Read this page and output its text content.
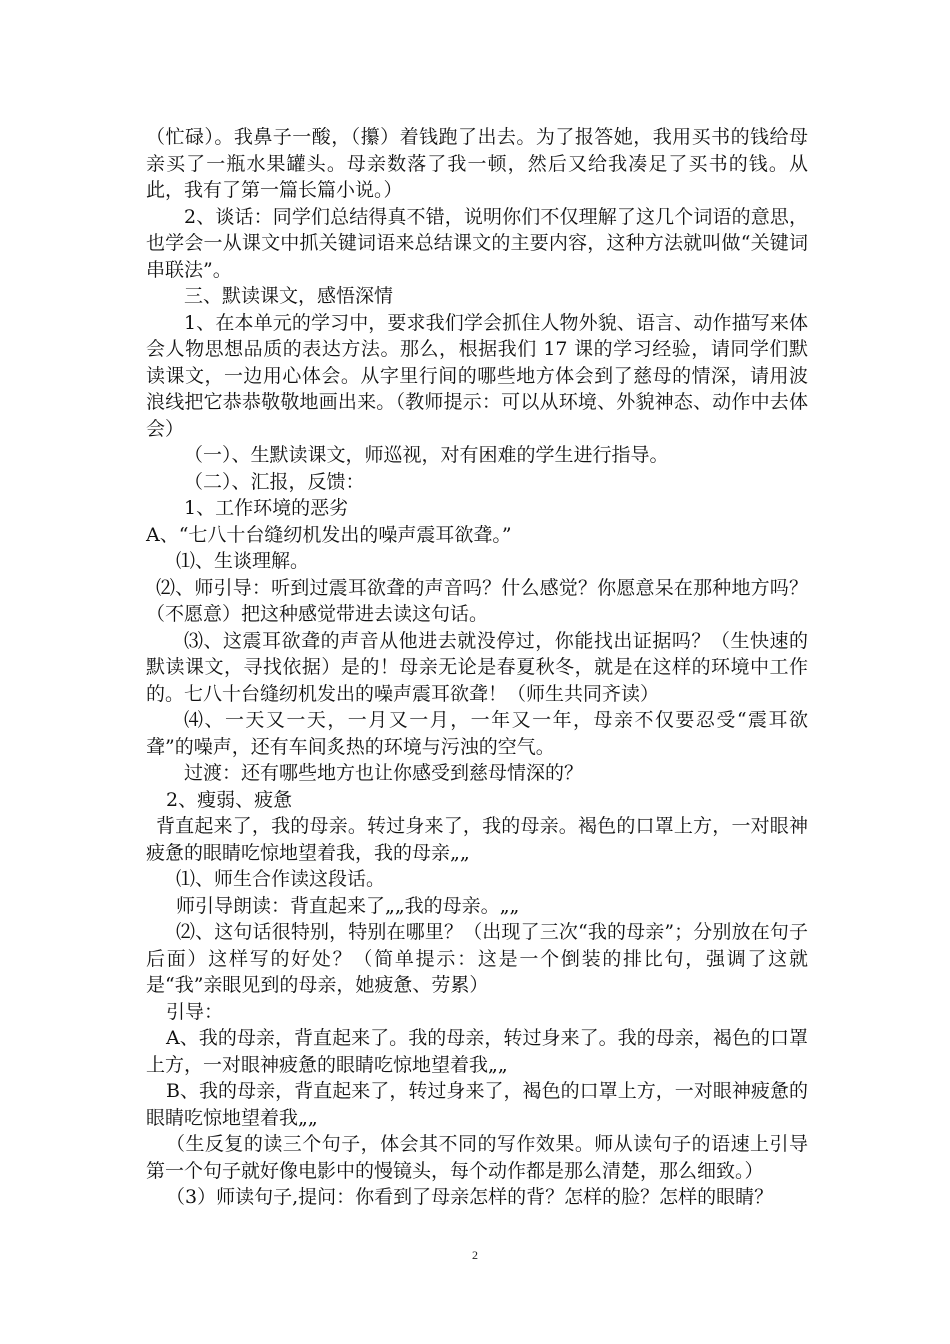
（忙碌）。我鼻子一酸，（攥）着钱跑了出去。为了报答她，我用买书的钱给母亲买了一瓶水果罐头。母亲数落了我一顿，然后又给我凑足了买书的钱。从此，我有了第一篇长篇小说。）

2、谈话：同学们总结得真不错，说明你们不仅理解了这几个词语的意思，也学会一从课文中抓关键词语来总结课文的主要内容，这种方法就叫做“关键词串联法”。

三、默读课文，感悟深情

1、在本单元的学习中，要求我们学会抓住人物外貌、语言、动作描写来体会人物思想品质的表达方法。那么，根据我们 17 课的学习经验，请同学们默读课文，一边用心体会。从字里行间的哪些地方体会到了慈母的情深，请用波浪线把它恭恭敬敬地画出来。（教师提示：可以从环境、外貌神态、动作中去体会）

（一）、生默读课文，师巡视，对有困难的学生进行指导。

（二）、汇报，反馈：

1、工作环境的恶劣

A、“七八十台缝纫机发出的噪声震耳欲聋。”

⑴、生谈理解。

⑵、师引导：听到过震耳欲聋的声音吗？什么感觉？你愿意呆在那种地方吗？（不愿意）把这种感觉带进去读这句话。

⑶、这震耳欲聋的声音从他进去就没停过，你能找出证据吗？（生快速的默读课文，寻找依据）是的！母亲无论是春夏秋冬，就是在这样的环境中工作的。七八十台缝纫机发出的噪声震耳欲聋！（师生共同齐读）

⑷、一天又一天，一月又一月，一年又一年，母亲不仅要忍受“震耳欲聋”的噪声，还有车间炙热的环境与污浊的空气。

过渡：还有哪些地方也让你感受到慈母情深的？

2、瘦弱、疲惫

背直起来了，我的母亲。转过身来了，我的母亲。褐色的口罩上方，一对眼神疲惫的眼睛吃惊地望着我，我的母亲„„

⑴、师生合作读这段话。

师引导朗读：背直起来了„„我的母亲。„„

⑵、这句话很特别，特别在哪里？（出现了三次“我的母亲”；分别放在句子后面）这样写的好处？（简单提示：这是一个倒装的排比句，强调了这就是“我”亲眼见到的母亲，她疲惫、劳累）

引导：

A、我的母亲，背直起来了。我的母亲，转过身来了。我的母亲，褐色的口罩上方，一对眼神疲惫的眼睛吃惊地望着我„„

B、我的母亲，背直起来了，转过身来了，褐色的口罩上方，一对眼神疲惫的眼睛吃惊地望着我„„

（生反复的读三个句子，体会其不同的写作效果。师从读句子的语速上引导第一个句子就好像电影中的慢镜头，每个动作都是那么清楚，那么细致。）

（3）师读句子,提问：你看到了母亲怎样的背？怎样的脸？怎样的眼睛？

2
